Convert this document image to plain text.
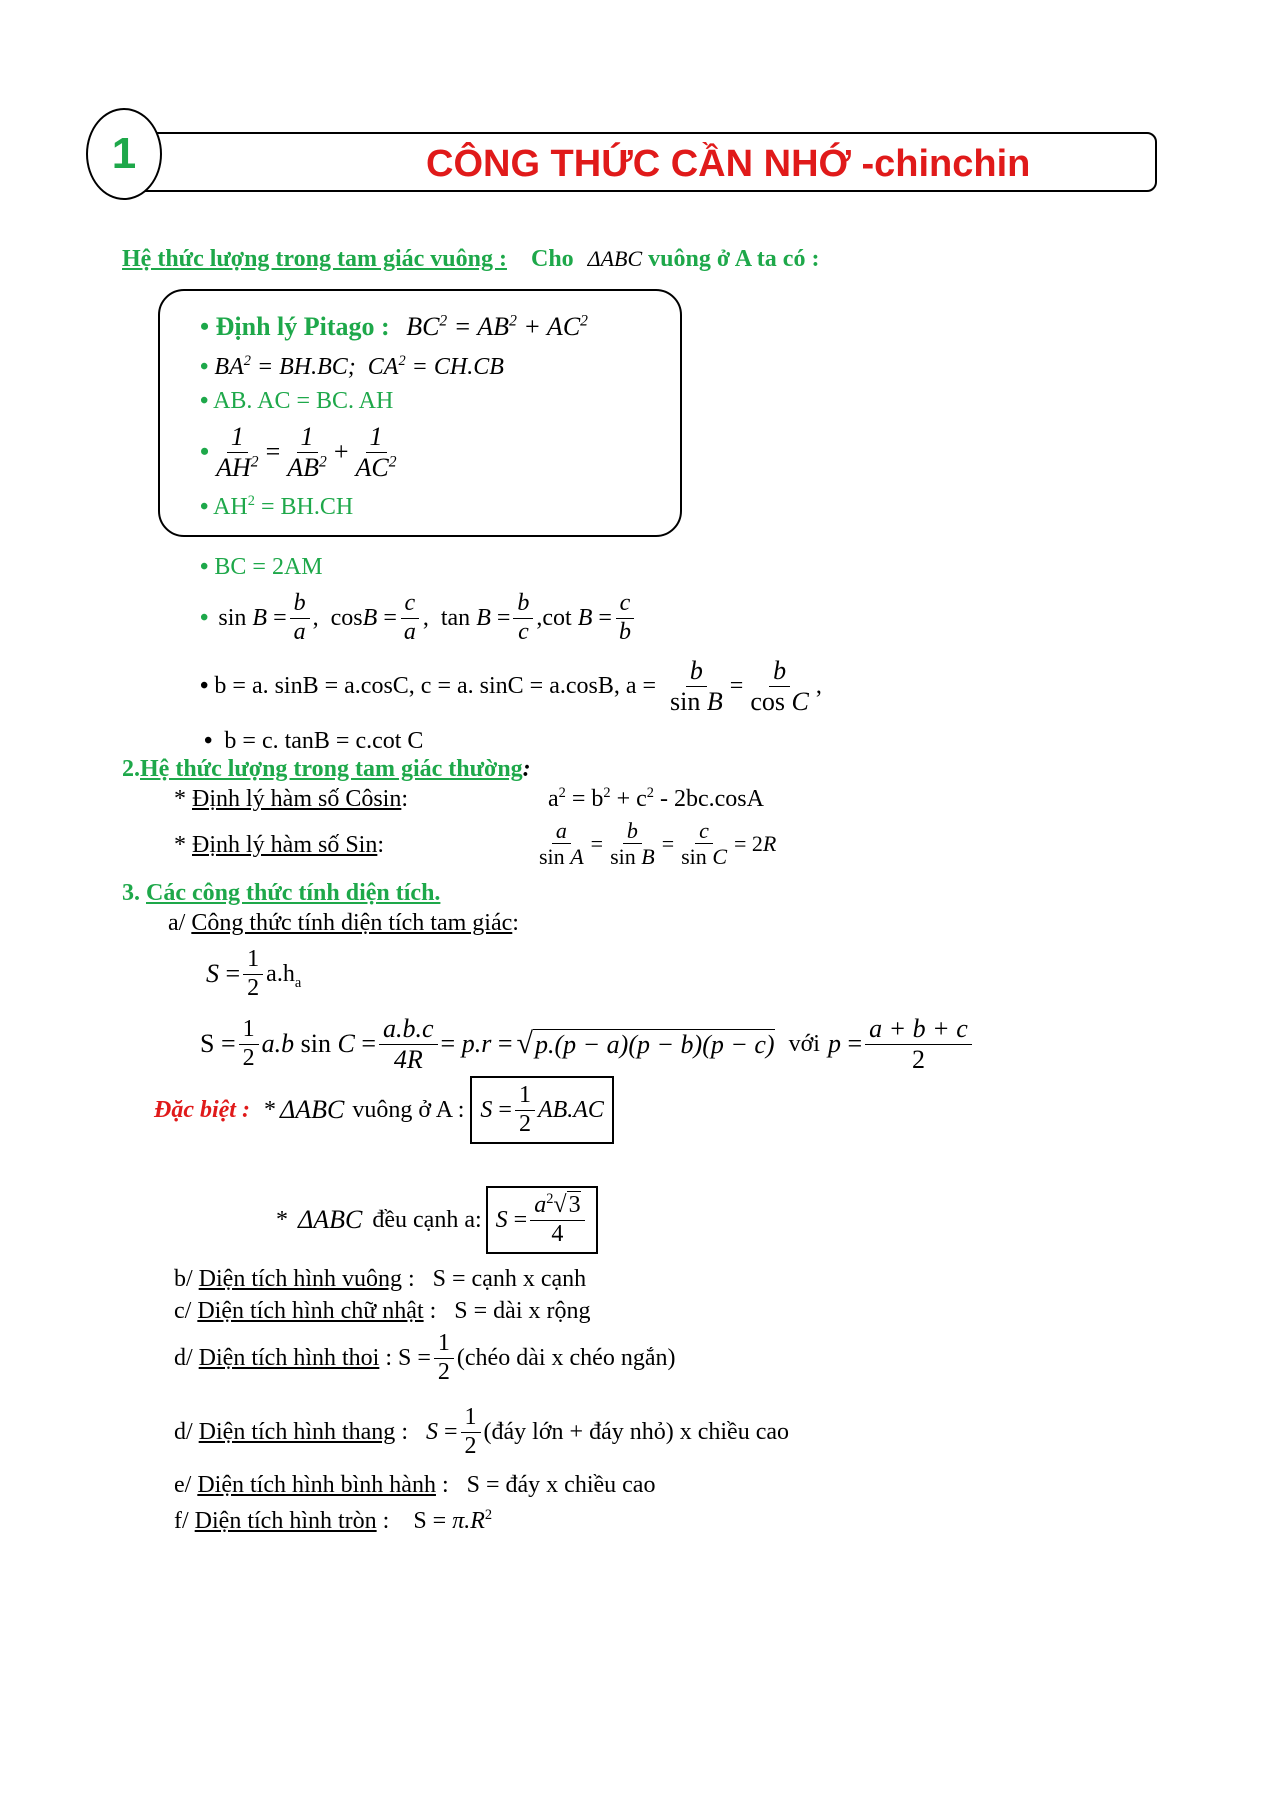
1	CÔNG THỨC CẦN NHỚ -chinchin
Hệ thức lượng trong tam giác vuông : Cho ΔABC vuông ở A ta có :
• Định lý Pitago : $BC^2 = AB^2 + AC^2$
• $BA^2 = BH.BC$;  $CA^2 = CH.CB$
• AB. AC = BC. AH
• $\frac{1}{AH^2} = \frac{1}{AB^2} + \frac{1}{AC^2}$
• $AH^2 = BH.CH$
• BC = 2AM
• $\sin B = \frac{b}{a}$ ,  $\cos B = \frac{c}{a}$ ,  $\tan B = \frac{b}{c} ,\cot$ $B = \frac{c}{b}$
• b = a. sinB = a.cosC, c = a. sinC = a.cosB, $a = \frac{b}{\text{sin B}} = \frac{b}{\text{cos C}}$ ,
• b = c. tanB = c.cot C
2.Hệ thức lượng trong tam giác thường:
* Định lý hàm số Côsin:	$a^2 = b^2 + c^2 - 2bc.\cos A$
* Định lý hàm số Sin:	$\frac{a}{\text{sin A}} = \frac{b}{\text{sin B}} = \frac{c}{\text{sin C}} = 2R$
3. Các công thức tính diện tích.
a/ Công thức tính diện tích tam giác:
$S = \frac{1}{2} a.h_a$
$S = \frac{1}{2} a.b$ $\sin C = \frac{a.b.c}{4R} = p.r$ = √ p.(p − a)(p − b)(p − c) với $p = \frac{a + b + c}{2}$
Đặc biệt : * ΔABC vuông ở A : $S = \frac{1}{2} AB.AC$
* ΔABC đều cạnh a: $S = \frac{a^2√3}{4}$
b/ Diện tích hình vuông :   S = cạnh x cạnh
c/ Diện tích hình chữ nhật :   S = dài x rộng
d/
Diện tích hình thoi : $S = \frac{1}{2}$ (chéo dài x chéo ngắn)
d/
Diện tích hình thang : $S = \frac{1}{2}$ (đáy lớn + đáy nhỏ) x chiều cao
e/ Diện tích hình bình hành :   S = đáy x chiều cao
f/ Diện tích hình tròn :    $S = \pi.R^2$
